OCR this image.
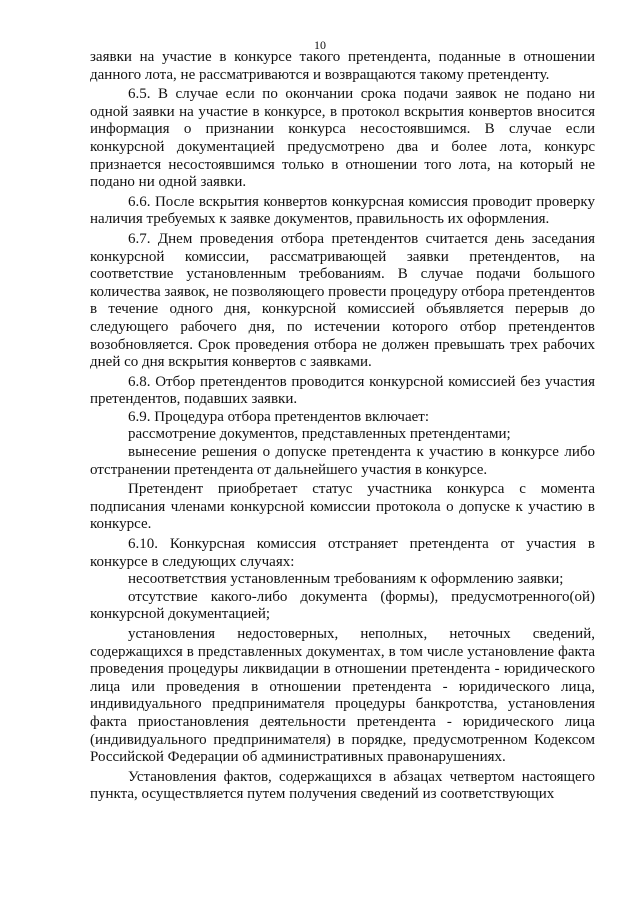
10

заявки на участие в конкурсе такого претендента, поданные в отношении данного лота, не рассматриваются и возвращаются такому претенденту.

6.5. В случае если по окончании срока подачи заявок не подано ни одной заявки на участие в конкурсе, в протокол вскрытия конвертов вносится информация о признании конкурса несостоявшимся. В случае если конкурсной документацией предусмотрено два и более лота, конкурс признается несостоявшимся только в отношении того лота, на который не подано ни одной заявки.

6.6. После вскрытия конвертов конкурсная комиссия проводит проверку наличия требуемых к заявке документов, правильность их оформления.

6.7. Днем проведения отбора претендентов считается день заседания конкурсной комиссии, рассматривающей заявки претендентов, на соответствие установленным требованиям. В случае подачи большого количества заявок, не позволяющего провести процедуру отбора претендентов в течение одного дня, конкурсной комиссией объявляется перерыв до следующего рабочего дня, по истечении которого отбор претендентов возобновляется. Срок проведения отбора не должен превышать трех рабочих дней со дня вскрытия конвертов с заявками.

6.8. Отбор претендентов проводится конкурсной комиссией без участия претендентов, подавших заявки.

6.9. Процедура отбора претендентов включает:

рассмотрение документов, представленных претендентами;

вынесение решения о допуске претендента к участию в конкурсе либо отстранении претендента от дальнейшего участия в конкурсе.

Претендент приобретает статус участника конкурса с момента подписания членами конкурсной комиссии протокола о допуске к участию в конкурсе.

6.10. Конкурсная комиссия отстраняет претендента от участия в конкурсе в следующих случаях:

несоответствия установленным требованиям к оформлению заявки;

отсутствие какого-либо документа (формы), предусмотренного(ой) конкурсной документацией;

установления недостоверных, неполных, неточных сведений, содержащихся в представленных документах, в том числе установление факта проведения процедуры ликвидации в отношении претендента - юридического лица или проведения в отношении претендента - юридического лица, индивидуального предпринимателя процедуры банкротства, установления факта приостановления деятельности претендента - юридического лица (индивидуального предпринимателя) в порядке, предусмотренном Кодексом Российской Федерации об административных правонарушениях.

Установления фактов, содержащихся в абзацах четвертом настоящего пункта, осуществляется путем получения сведений из соответствующих
